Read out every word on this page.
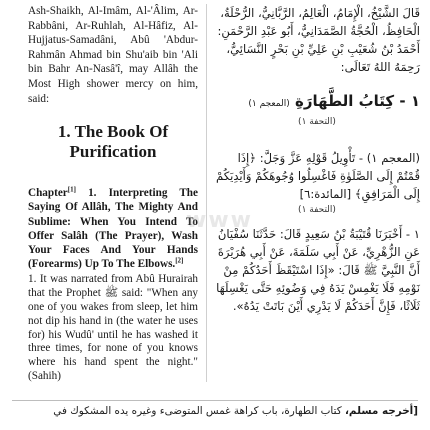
Ash-Shaikh, Al-Imâm, Al-'Âlim, Ar-Rabbâni, Ar-Ruhlah, Al-Hâfiz, Al-Hujjatus-Samadâni, Abû 'Abdur-Rahmân Ahmad bin Shu'aib bin 'Ali bin Bahr An-Nasâ'î, may Allâh the Most High shower mercy on him, said:

1. The Book Of Purification

Chapter[1] 1. Interpreting The Saying Of Allâh, The Mighty And Sublime: When You Intend To Offer Salâh (The Prayer), Wash Your Faces And Your Hands (Forearms) Up To The Elbows.[2]

1. It was narrated from Abû Hurairah that the Prophet ﷺ said: "When any one of you wakes from sleep, let him not dip his hand in (the water he uses for) his Wudû' until he has washed it three times, for none of you knows where his hand spent the night." (Sahih)

قَالَ الشَّيْخُ، الْإِمَامُ، الْعَالِمُ، الرَّبَّانِيُّ، الرُّحْلَةُ، الْحَافِظُ، الْحُجَّةُ الصَّمَدَانِيُّ، أَبُو عَبْدِ الرَّحْمَنِ: أَحْمَدُ بْنُ شُعَيْبِ بْنِ عَلِيِّ بْنِ بَحْرٍ النَّسَائِيُّ، رَحِمَهُ اللهُ تَعَالَى:

١ - كِتَابُ الطَّهَارَةِ (المعجم ١)

(التحفة ١)

(المعجم ١) - تَأْوِيلُ قَوْلِهِ عَزَّ وَجَلَّ: ﴿إِذَا قُمْتُمْ إِلَى الصَّلَوٰةِ فَاغْسِلُوا وُجُوهَكُمْ وَأَيْدِيَكُمْ إِلَى الْمَرَافِقِ﴾ [المائدة:٦]

(التحفة ١)

١ - أَخْبَرَنَا قُتَيْبَةُ بْنُ سَعِيدٍ قَالَ: حَدَّثَنَا سُفْيَانُ عَنِ الزُّهْرِيِّ، عَنْ أَبِي سَلَمَةَ، عَنْ أَبِي هُرَيْرَةَ أَنَّ النَّبِيَّ ﷺ قَالَ: «إِذَا اسْتَيْقَظَ أَحَدُكُمْ مِنْ نَوْمِهِ فَلَا يَغْمِسْ يَدَهُ فِي وَضُوئِهِ حَتَّى يَغْسِلَهَا ثَلَاثًا، فَإِنَّ أَحَدَكُمْ لَا يَدْرِي أَيْنَ بَاتَتْ يَدُهُ».

www
[أخرجه مسلم، كتاب الطهارة، باب كراهة غمس المتوضىء وغيره يده المشكوك في
